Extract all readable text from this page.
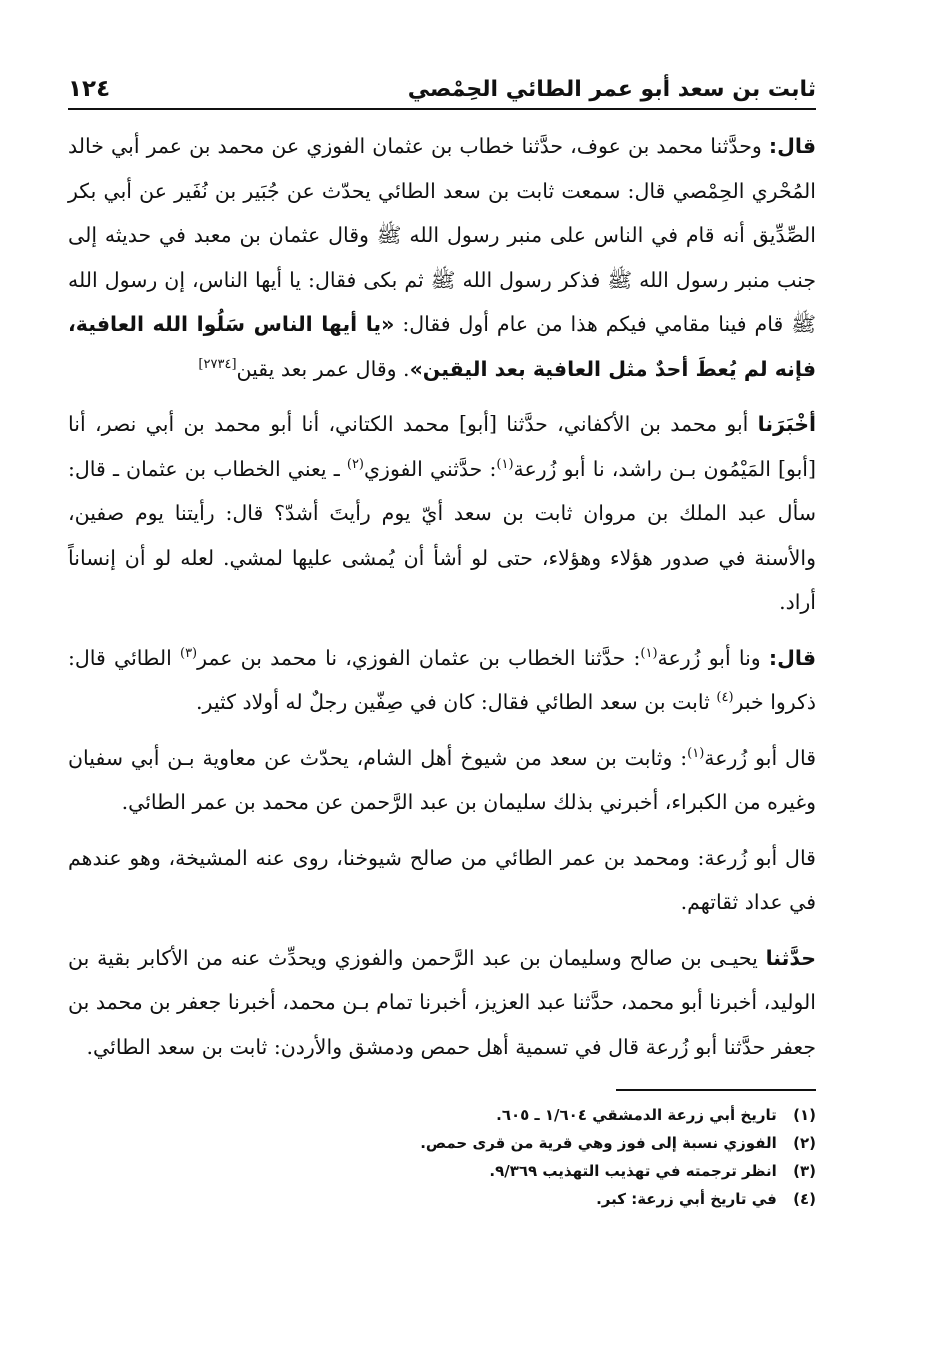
ثابت بن سعد أبو عمر الطائي الحِمْصي
١٢٤

قال: وحدَّثنا محمد بن عوف، حدَّثنا خطاب بن عثمان الفوزي عن محمد بن عمر أبي خالد المُحْري الحِمْصي قال: سمعت ثابت بن سعد الطائي يحدّث عن جُبَير بن نُفَير عن أبي بكر الصِّدِّيق أنه قام في الناس على منبر رسول الله ﷺ وقال عثمان بن معبد في حديثه إلى جنب منبر رسول الله ﷺ فذكر رسول الله ﷺ ثم بكى فقال: يا أيها الناس، إن رسول الله ﷺ قام فينا مقامي فيكم هذا من عام أول فقال: «يا أيها الناس سَلُوا الله العافية، فإنه لم يُعطَ أحدٌ مثل العافية بعد اليقين». وقال عمر بعد يقين[٢٧٣٤]

أخْبَرَنا أبو محمد بن الأكفاني، حدَّثنا [أبو] محمد الكتاني، أنا أبو محمد بن أبي نصر، أنا [أبو] المَيْمُون بـن راشد، نا أبو زُرعة$^{(١)}$: حدَّثني الفوزي$^{(٢)}$ ـ يعني الخطاب بن عثمان ـ قال: سأل عبد الملك بن مروان ثابت بن سعد أيّ يوم رأيتَ أشدّ؟ قال: رأيتنا يوم صفين، والأسنة في صدور هؤلاء وهؤلاء، حتى لو أشأ أن يُمشى عليها لمشي. لعله لو أن إنساناً أراد.

قال: ونا أبو زُرعة$^{(١)}$: حدَّثنا الخطاب بن عثمان الفوزي، نا محمد بن عمر$^{(٣)}$ الطائي قال: ذكروا خبر$^{(٤)}$ ثابت بن سعد الطائي فقال: كان في صِفّين رجلٌ له أولاد كثير.

قال أبو زُرعة$^{(١)}$: وثابت بن سعد من شيوخ أهل الشام، يحدّث عن معاوية بـن أبي سفيان وغيره من الكبراء، أخبرني بذلك سليمان بن عبد الرَّحمن عن محمد بن عمر الطائي.

قال أبو زُرعة: ومحمد بن عمر الطائي من صالح شيوخنا، روى عنه المشيخة، وهو عندهم في عداد ثقاتهم.

حدَّثنا يحيـى بن صالح وسليمان بن عبد الرَّحمن والفوزي ويحدِّث عنه من الأكابر بقية بن الوليد، أخبرنا أبو محمد، حدَّثنا عبد العزيز، أخبرنا تمام بـن محمد، أخبرنا جعفر بن محمد بن جعفر حدَّثنا أبو زُرعة قال في تسمية أهل حمص ودمشق والأردن: ثابت بن سعد الطائي.

(١) تاريخ أبي زرعة الدمشقي ١/٦٠٤ ـ ٦٠٥.
(٢) الفوزي نسبة إلى فوز وهي قرية من قرى حمص.
(٣) انظر ترجمته في تهذيب التهذيب ٩/٣٦٩.
(٤) في تاريخ أبي زرعة: كبر.
